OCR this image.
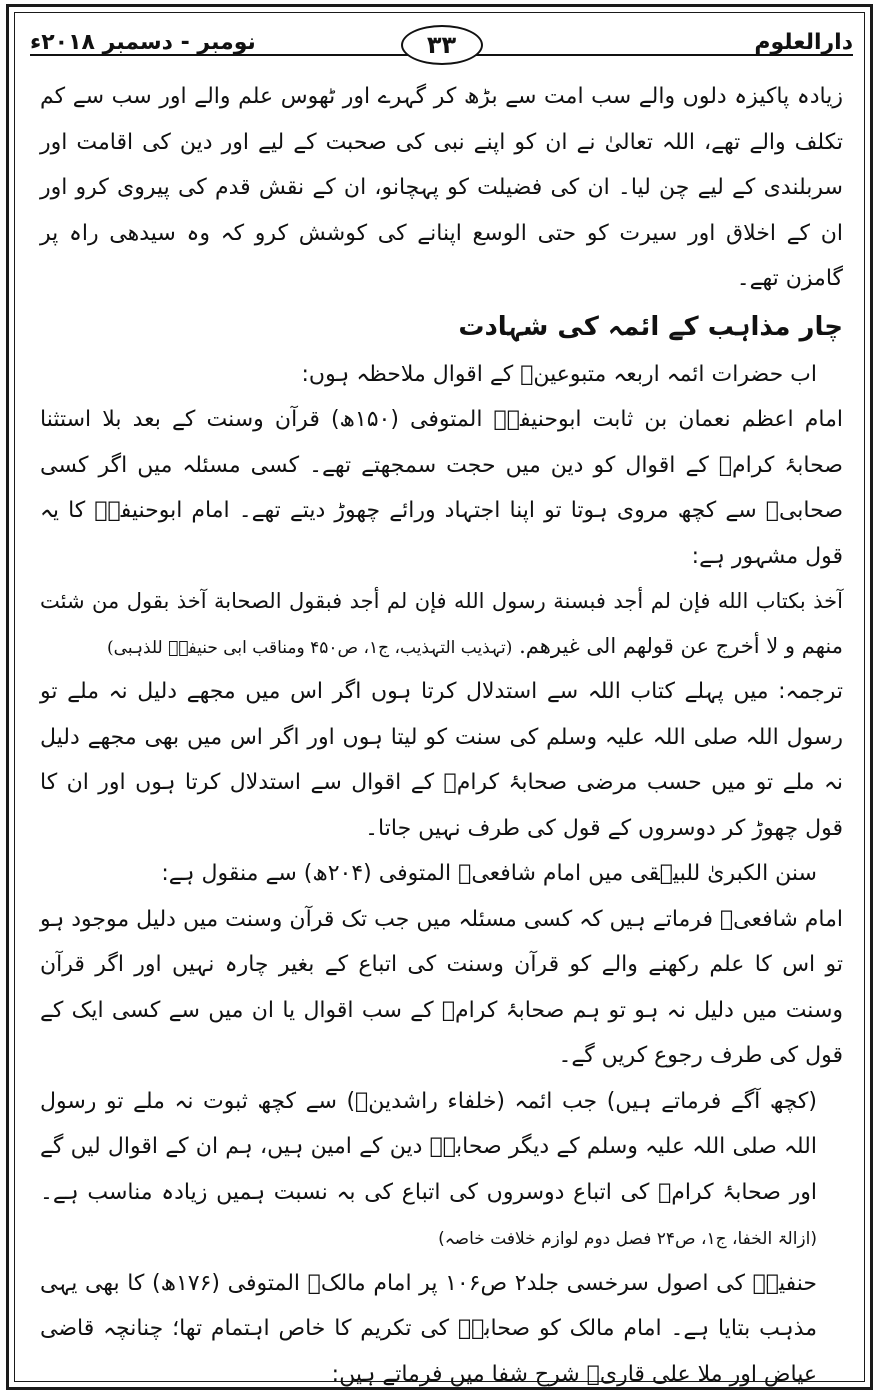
دارالعلوم
۳۳
نومبر - دسمبر ۲۰۱۸ء

زیادہ پاکیزہ دلوں والے سب امت سے بڑھ کر گہرے اور ٹھوس علم والے اور سب سے کم تکلف والے تھے، اللہ تعالیٰ نے ان کو اپنے نبی کی صحبت کے لیے اور دین کی اقامت اور سربلندی کے لیے چن لیا۔ ان کی فضیلت کو پہچانو، ان کے نقش قدم کی پیروی کرو اور ان کے اخلاق اور سیرت کو حتی الوسع اپنانے کی کوشش کرو کہ وہ سیدھی راہ پر گامزن تھے۔

چار مذاہب کے ائمہ کی شہادت

اب حضرات ائمہ اربعہ متبوعینؒ کے اقوال ملاحظہ ہوں:

امام اعظم نعمان بن ثابت ابوحنیفہؒ المتوفی (۱۵۰ھ) قرآن وسنت کے بعد بلا استثنا صحابۂ کرامؓ کے اقوال کو دین میں حجت سمجھتے تھے۔ کسی مسئلہ میں اگر کسی صحابیؓ سے کچھ مروی ہوتا تو اپنا اجتہاد ورائے چھوڑ دیتے تھے۔ امام ابوحنیفہؒ کا یہ قول مشہور ہے:

آخذ بكتاب الله فإن لم أجد فبسنة رسول الله فإن لم أجد فبقول الصحابة آخذ بقول من شئت منهم و لا أخرج عن قولهم الى غيرهم. (تہذیب التہذیب، ج۱، ص۴۵۰ ومناقب ابی حنیفہؒ للذہبی)

ترجمہ: میں پہلے کتاب اللہ سے استدلال کرتا ہوں اگر اس میں مجھے دلیل نہ ملے تو رسول اللہ صلی اللہ علیہ وسلم کی سنت کو لیتا ہوں اور اگر اس میں بھی مجھے دلیل نہ ملے تو میں حسب مرضی صحابۂ کرامؓ کے اقوال سے استدلال کرتا ہوں اور ان کا قول چھوڑ کر دوسروں کے قول کی طرف نہیں جاتا۔

سنن الکبریٰ للبیہقی میں امام شافعیؒ المتوفی (۲۰۴ھ) سے منقول ہے:

امام شافعیؒ فرماتے ہیں کہ کسی مسئلہ میں جب تک قرآن وسنت میں دلیل موجود ہو تو اس کا علم رکھنے والے کو قرآن وسنت کی اتباع کے بغیر چارہ نہیں اور اگر قرآن وسنت میں دلیل نہ ہو تو ہم صحابۂ کرامؓ کے سب اقوال یا ان میں سے کسی ایک کے قول کی طرف رجوع کریں گے۔

(کچھ آگے فرماتے ہیں) جب ائمہ (خلفاء راشدینؓ) سے کچھ ثبوت نہ ملے تو رسول اللہ صلی اللہ علیہ وسلم کے دیگر صحابہؓ دین کے امین ہیں، ہم ان کے اقوال لیں گے اور صحابۂ کرامؓ کی اتباع دوسروں کی اتباع کی بہ نسبت ہمیں زیادہ مناسب ہے۔ (ازالۃ الخفا، ج۱، ص۲۴ فصل دوم لوازم خلافت خاصہ)

حنفیہؒ کی اصول سرخسی جلد۲ ص۱۰۶ پر امام مالکؒ المتوفی (۱۷۶ھ) کا بھی یہی مذہب بتایا ہے۔ امام مالک کو صحابہؓ کی تکریم کا خاص اہتمام تھا؛ چنانچہ قاضی عیاض اور ملا علی قاریؒ شرح شفا میں فرماتے ہیں:
